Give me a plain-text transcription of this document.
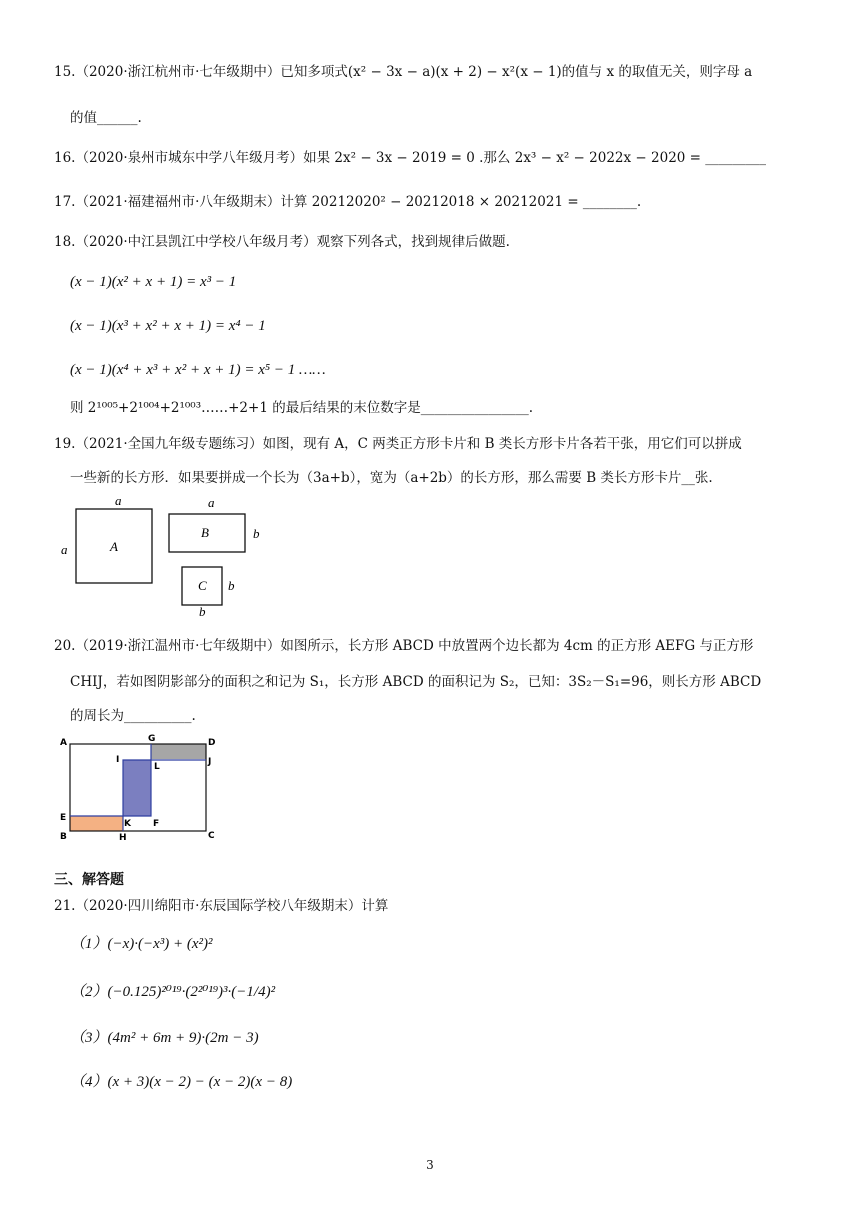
15.（2020·浙江杭州市·七年级期中）已知多项式(x² − 3x − a)(x + 2) − x²(x − 1)的值与 x 的取值无关，则字母 a
的值______.
16.（2020·泉州市城东中学八年级月考）如果 2x² − 3x − 2019 = 0 .那么 2x³ − x² − 2022x − 2020 = _________
17.（2021·福建福州市·八年级期末）计算 20212020² − 20212018 × 20212021 = ________.
18.（2020·中江县凯江中学校八年级月考）观察下列各式，找到规律后做题.
(x − 1)(x² + x + 1) = x³ − 1
(x − 1)(x³ + x² + x + 1) = x⁴ − 1
(x − 1)(x⁴ + x³ + x² + x + 1) = x⁵ − 1 ……
则 2¹⁰⁰⁵+2¹⁰⁰⁴+2¹⁰⁰³……+2+1 的最后结果的末位数字是________________.
19.（2021·全国九年级专题练习）如图，现有 A，C 两类正方形卡片和 B 类长方形卡片各若干张，用它们可以拼成
一些新的长方形．如果要拼成一个长为（3a+b），宽为（a+2b）的长方形，那么需要 B 类长方形卡片__张.
a
a	A
a
B	b
C b
b
20.（2019·浙江温州市·七年级期中）如图所示，长方形 ABCD 中放置两个边长都为 4cm 的正方形 AEFG 与正方形
CHIJ，若如图阴影部分的面积之和记为 S₁，长方形 ABCD 的面积记为 S₂，已知：3S₂－S₁=96，则长方形 ABCD
的周长为__________.
A	G	D
J
I
L
E
K F
B	H	C
三、解答题
21.（2020·四川绵阳市·东辰国际学校八年级期末）计算
（1）(−x)·(−x³) + (x²)²
（2）(−0.125)²⁰¹⁹·(2²⁰¹⁹)³·(−1/4)²
（3）(4m² + 6m + 9)·(2m − 3)
（4）(x + 3)(x − 2) − (x − 2)(x − 8)
3
